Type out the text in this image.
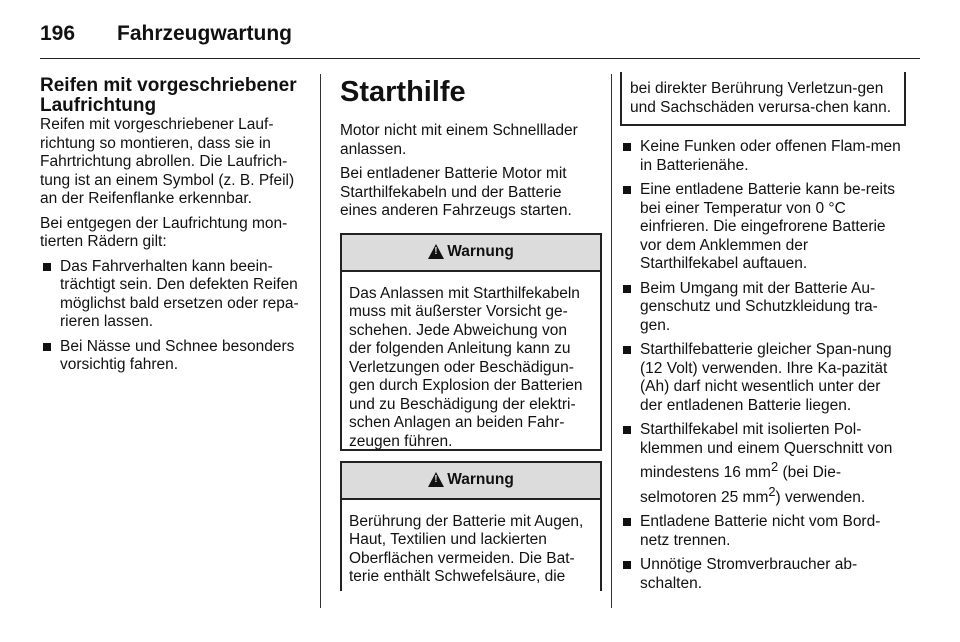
196 Fahrzeugwartung
Reifen mit vorgeschriebener Laufrichtung

Reifen mit vorgeschriebener Lauf-richtung so montieren, dass sie in Fahrtrichtung abrollen. Die Laufrich-tung ist an einem Symbol (z. B. Pfeil) an der Reifenflanke erkennbar.

Bei entgegen der Laufrichtung mon-tierten Rädern gilt:

Das Fahrverhalten kann beein-trächtigt sein. Den defekten Reifen möglichst bald ersetzen oder repa-rieren lassen.
Bei Nässe und Schnee besonders vorsichtig fahren.
Starthilfe

Motor nicht mit einem Schnelllader anlassen.

Bei entladener Batterie Motor mit Starthilfekabeln und der Batterie eines anderen Fahrzeugs starten.

!
Warnung
Das Anlassen mit Starthilfekabeln muss mit äußerster Vorsicht ge-schehen. Jede Abweichung von der folgenden Anleitung kann zu Verletzungen oder Beschädigun-gen durch Explosion der Batterien und zu Beschädigung der elektri-schen Anlagen an beiden Fahr-zeugen führen.
!
Warnung
Berührung der Batterie mit Augen, Haut, Textilien und lackierten Oberflächen vermeiden. Die Bat-terie enthält Schwefelsäure, die
bei direkter Berührung Verletzun-gen und Sachschäden verursa-chen kann.
Keine Funken oder offenen Flam-men in Batterienähe.
Eine entladene Batterie kann be-reits bei einer Temperatur von 0 °C einfrieren. Die eingefrorene Batterie vor dem Anklemmen der Starthilfekabel auftauen.
Beim Umgang mit der Batterie Au-genschutz und Schutzkleidung tra-gen.
Starthilfebatterie gleicher Span-nung (12 Volt) verwenden. Ihre Ka-pazität (Ah) darf nicht wesentlich unter der der entladenen Batterie liegen.
Starthilfekabel mit isolierten Pol-klemmen und einem Querschnitt von mindestens 16 $mm^2$ (bei Die-selmotoren 25 $mm^2$) verwenden.
Entladene Batterie nicht vom Bord-netz trennen.
Unnötige Stromverbraucher ab-schalten.
